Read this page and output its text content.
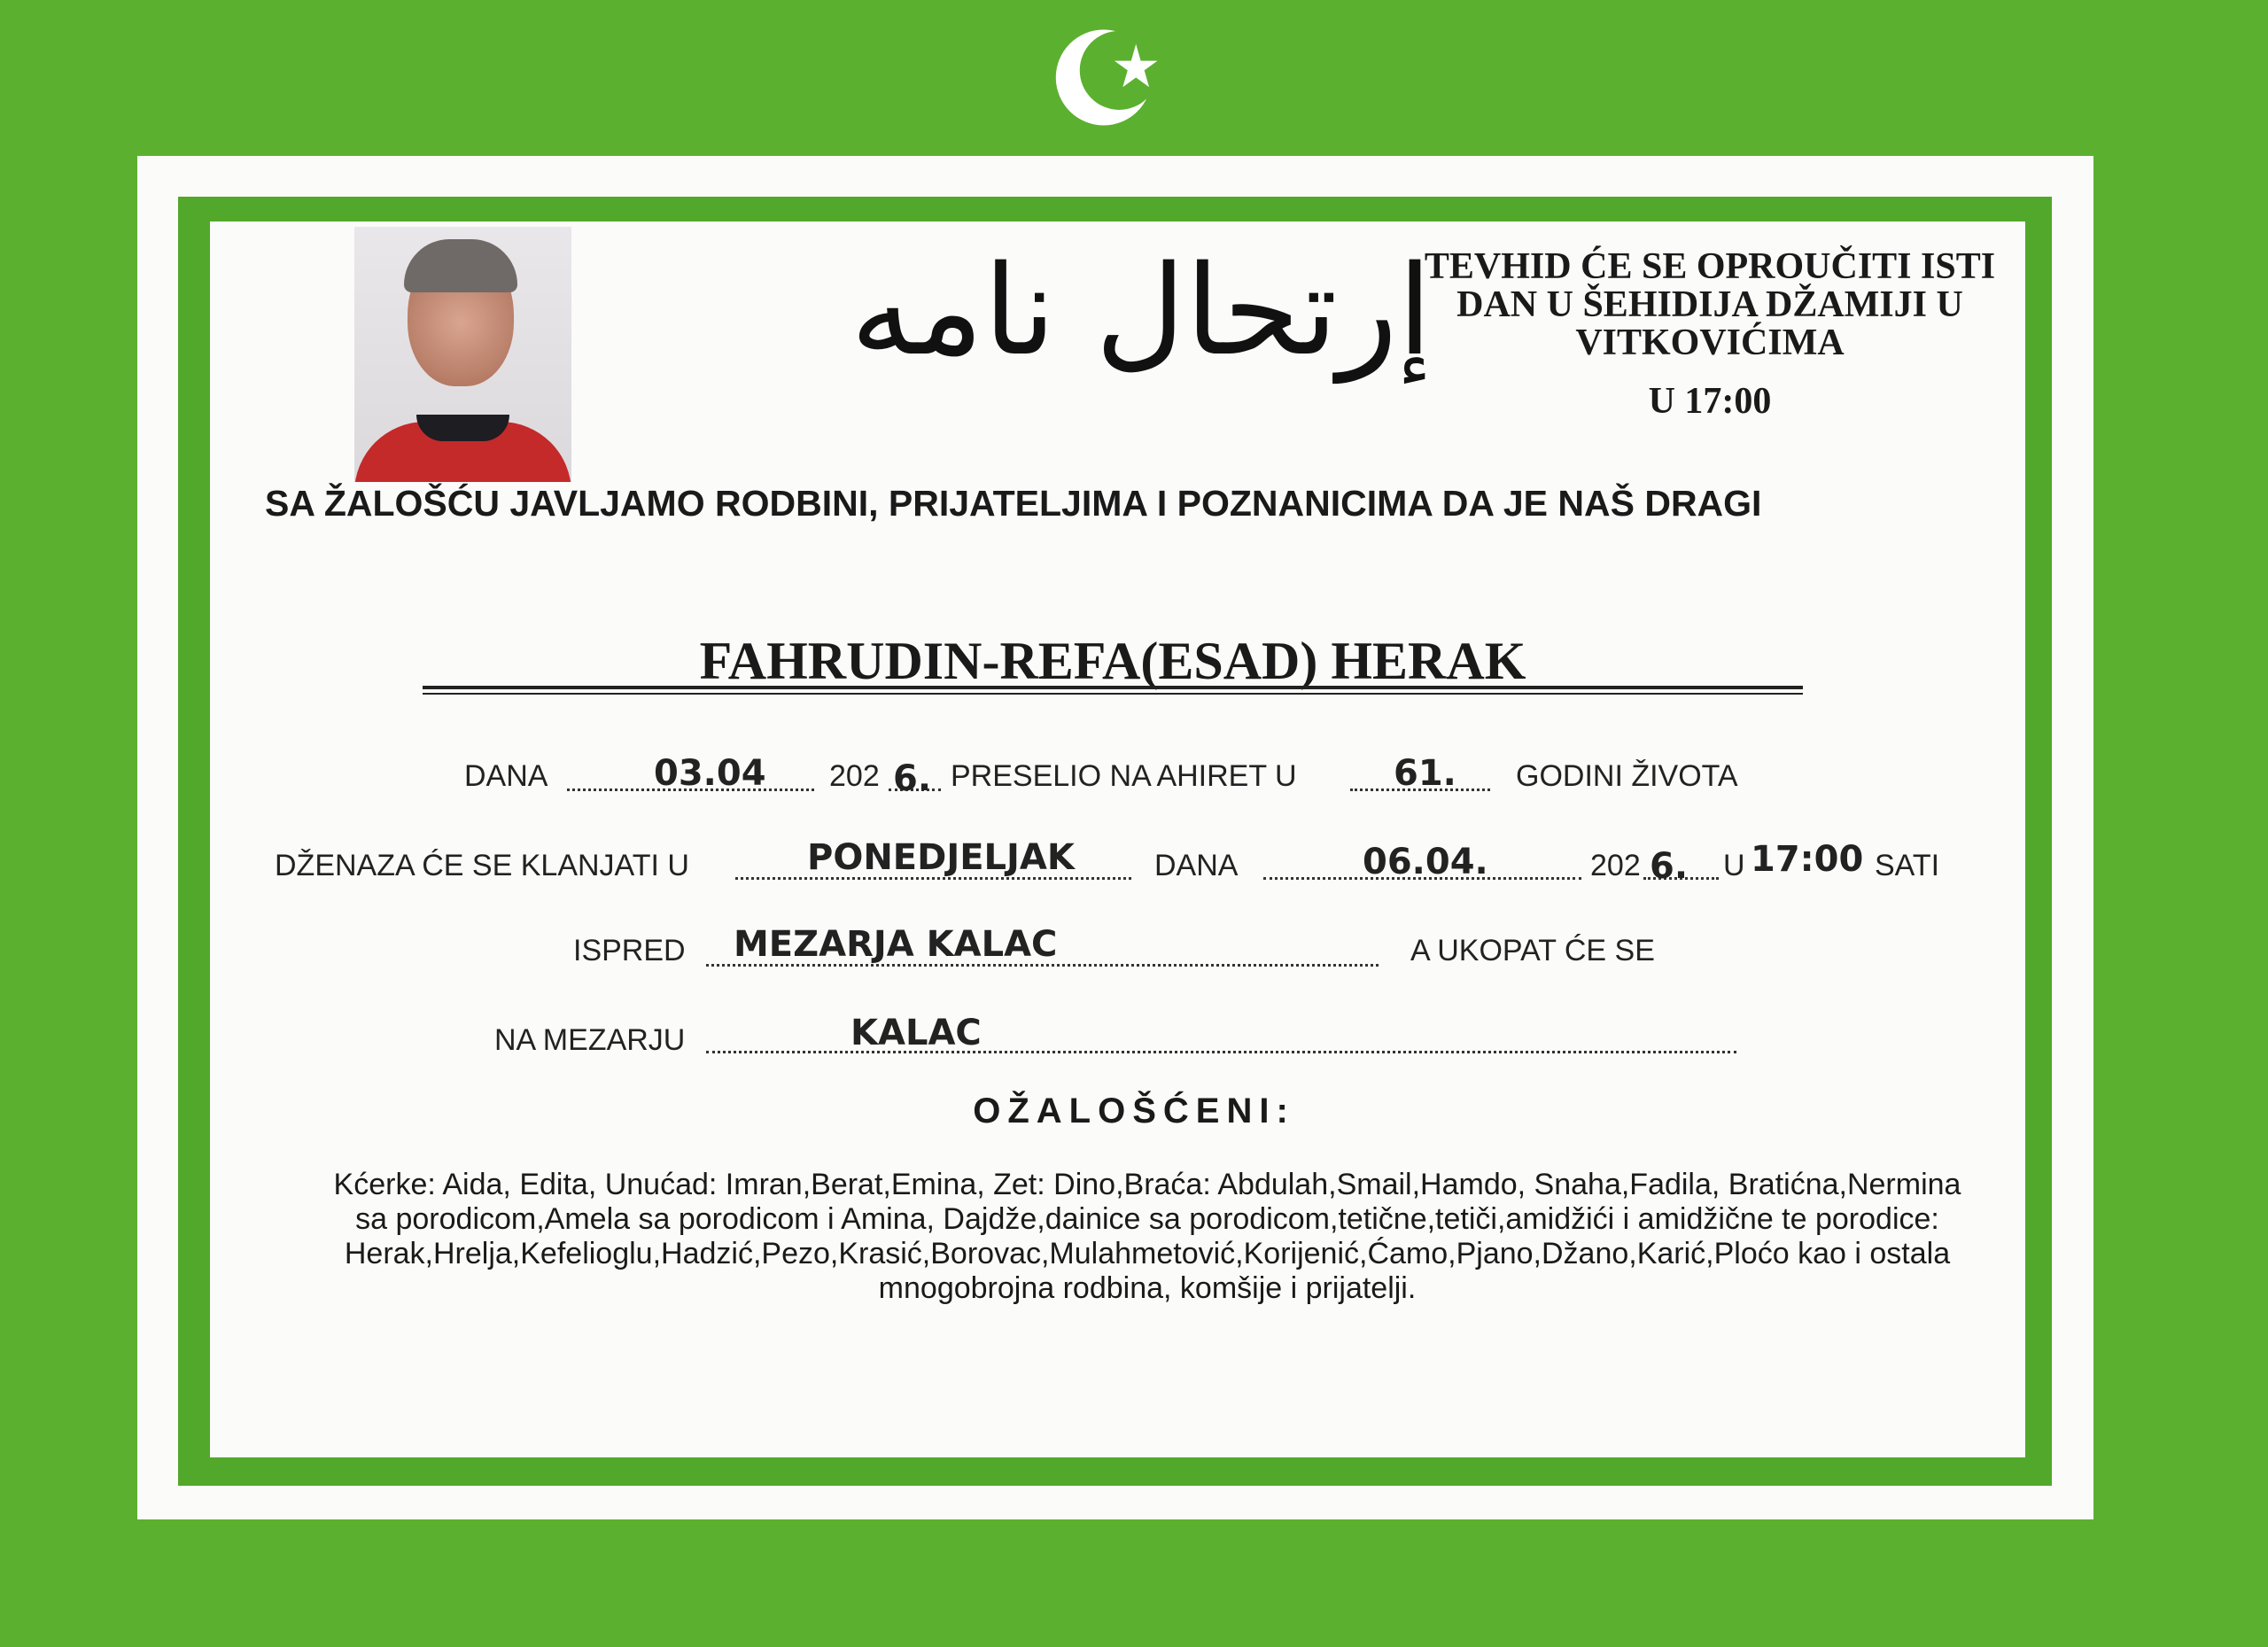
إرتحال نامه
TEVHID ĆE SE OPROUČITI ISTI
DAN U ŠEHIDIJA DŽAMIJI U
VITKOVIĆIMA
U 17:00
SA ŽALOŠĆU JAVLJAMO RODBINI, PRIJATELJIMA I POZNANICIMA DA JE NAŠ DRAGI
FAHRUDIN-REFA(ESAD) HERAK
DANA	03.04 202 6. PRESELIO NA AHIRET U	61. GODINI ŽIVOTA
DŽENAZA ĆE SE KLANJATI U	PONEDJELJAK	DANA	06.04.	202 6. U 17:00 SATI
ISPRED MEZARJA KALAC	A UKOPAT ĆE SE
NA MEZARJU	KALAC
OŽALOŠĆENI:
Kćerke: Aida, Edita, Unućad: Imran,Berat,Emina, Zet: Dino,Braća: Abdulah,Smail,Hamdo, Snaha,Fadila, Bratićna,Nermina
sa porodicom,Amela sa porodicom i Amina, Dajdže,dainice sa porodicom,tetične,tetiči,amidžići i amidžične te porodice:
Herak,Hrelja,Kefelioglu,Hadzić,Pezo,Krasić,Borovac,Mulahmetović,Korijenić,Ćamo,Pjano,Džano,Karić,Ploćo kao i ostala
mnogobrojna rodbina, komšije i prijatelji.
